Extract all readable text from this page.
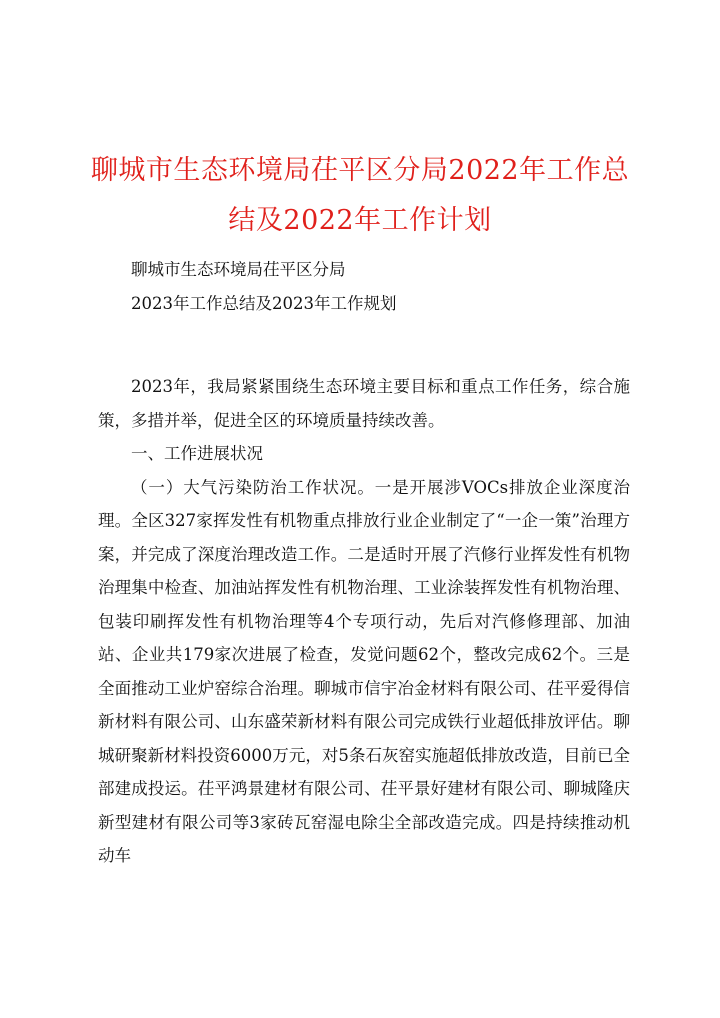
聊城市生态环境局茌平区分局2022年工作总
结及2022年工作计划

聊城市生态环境局茌平区分局

2023年工作总结及2023年工作规划

2023年，我局紧紧围绕生态环境主要目标和重点工作任务，综合施策，多措并举，促进全区的环境质量持续改善。

一、工作进展状况

（一）大气污染防治工作状况。一是开展涉VOCs排放企业深度治理。全区327家挥发性有机物重点排放行业企业制定了“一企一策”治理方案，并完成了深度治理改造工作。二是适时开展了汽修行业挥发性有机物治理集中检查、加油站挥发性有机物治理、工业涂装挥发性有机物治理、包装印刷挥发性有机物治理等4个专项行动，先后对汽修修理部、加油站、企业共179家次进展了检查，发觉问题62个，整改完成62个。三是全面推动工业炉窑综合治理。聊城市信宇冶金材料有限公司、茌平爱得信新材料有限公司、山东盛荣新材料有限公司完成铁行业超低排放评估。聊城研聚新材料投资6000万元，对5条石灰窑实施超低排放改造，目前已全部建成投运。茌平鸿景建材有限公司、茌平景好建材有限公司、聊城隆庆新型建材有限公司等3家砖瓦窑湿电除尘全部改造完成。四是持续推动机动车
